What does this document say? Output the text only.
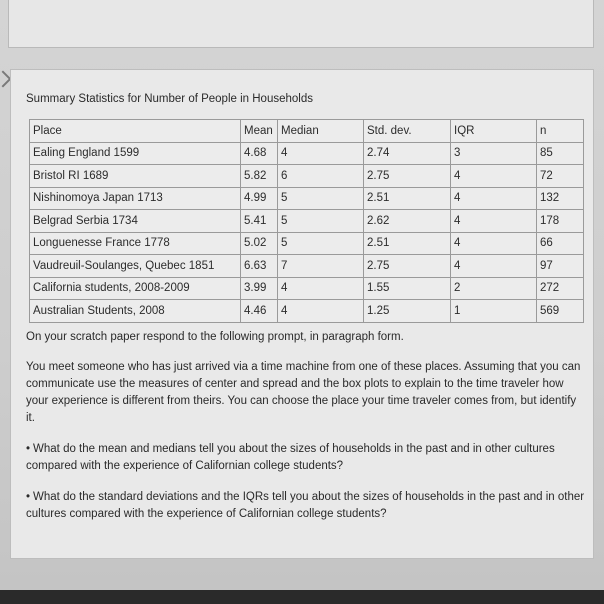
Summary Statistics for Number of People in Households
Place	Mean	Median	Std. dev.	IQR	n
Ealing England 1599	4.68	4	2.74	3	85
Bristol RI 1689	5.82	6	2.75	4	72
Nishinomoya Japan 1713	4.99	5	2.51	4	132
Belgrad Serbia 1734	5.41	5	2.62	4	178
Longuenesse France 1778	5.02	5	2.51	4	66
Vaudreuil-Soulanges, Quebec 1851	6.63	7	2.75	4	97
California students, 2008-2009	3.99	4	1.55	2	272
Australian Students, 2008	4.46	4	1.25	1	569
On your scratch paper respond to the following prompt, in paragraph form.
You meet someone who has just arrived via a time machine from one of these places. Assuming that you can communicate use the measures of center and spread and the box plots to explain to the time traveler how your experience is different from theirs. You can choose the place your time traveler comes from, but identify it.
• What do the mean and medians tell you about the sizes of households in the past and in other cultures compared with the experience of Californian college students?
• What do the standard deviations and the IQRs tell you about the sizes of households in the past and in other cultures compared with the experience of Californian college students?
